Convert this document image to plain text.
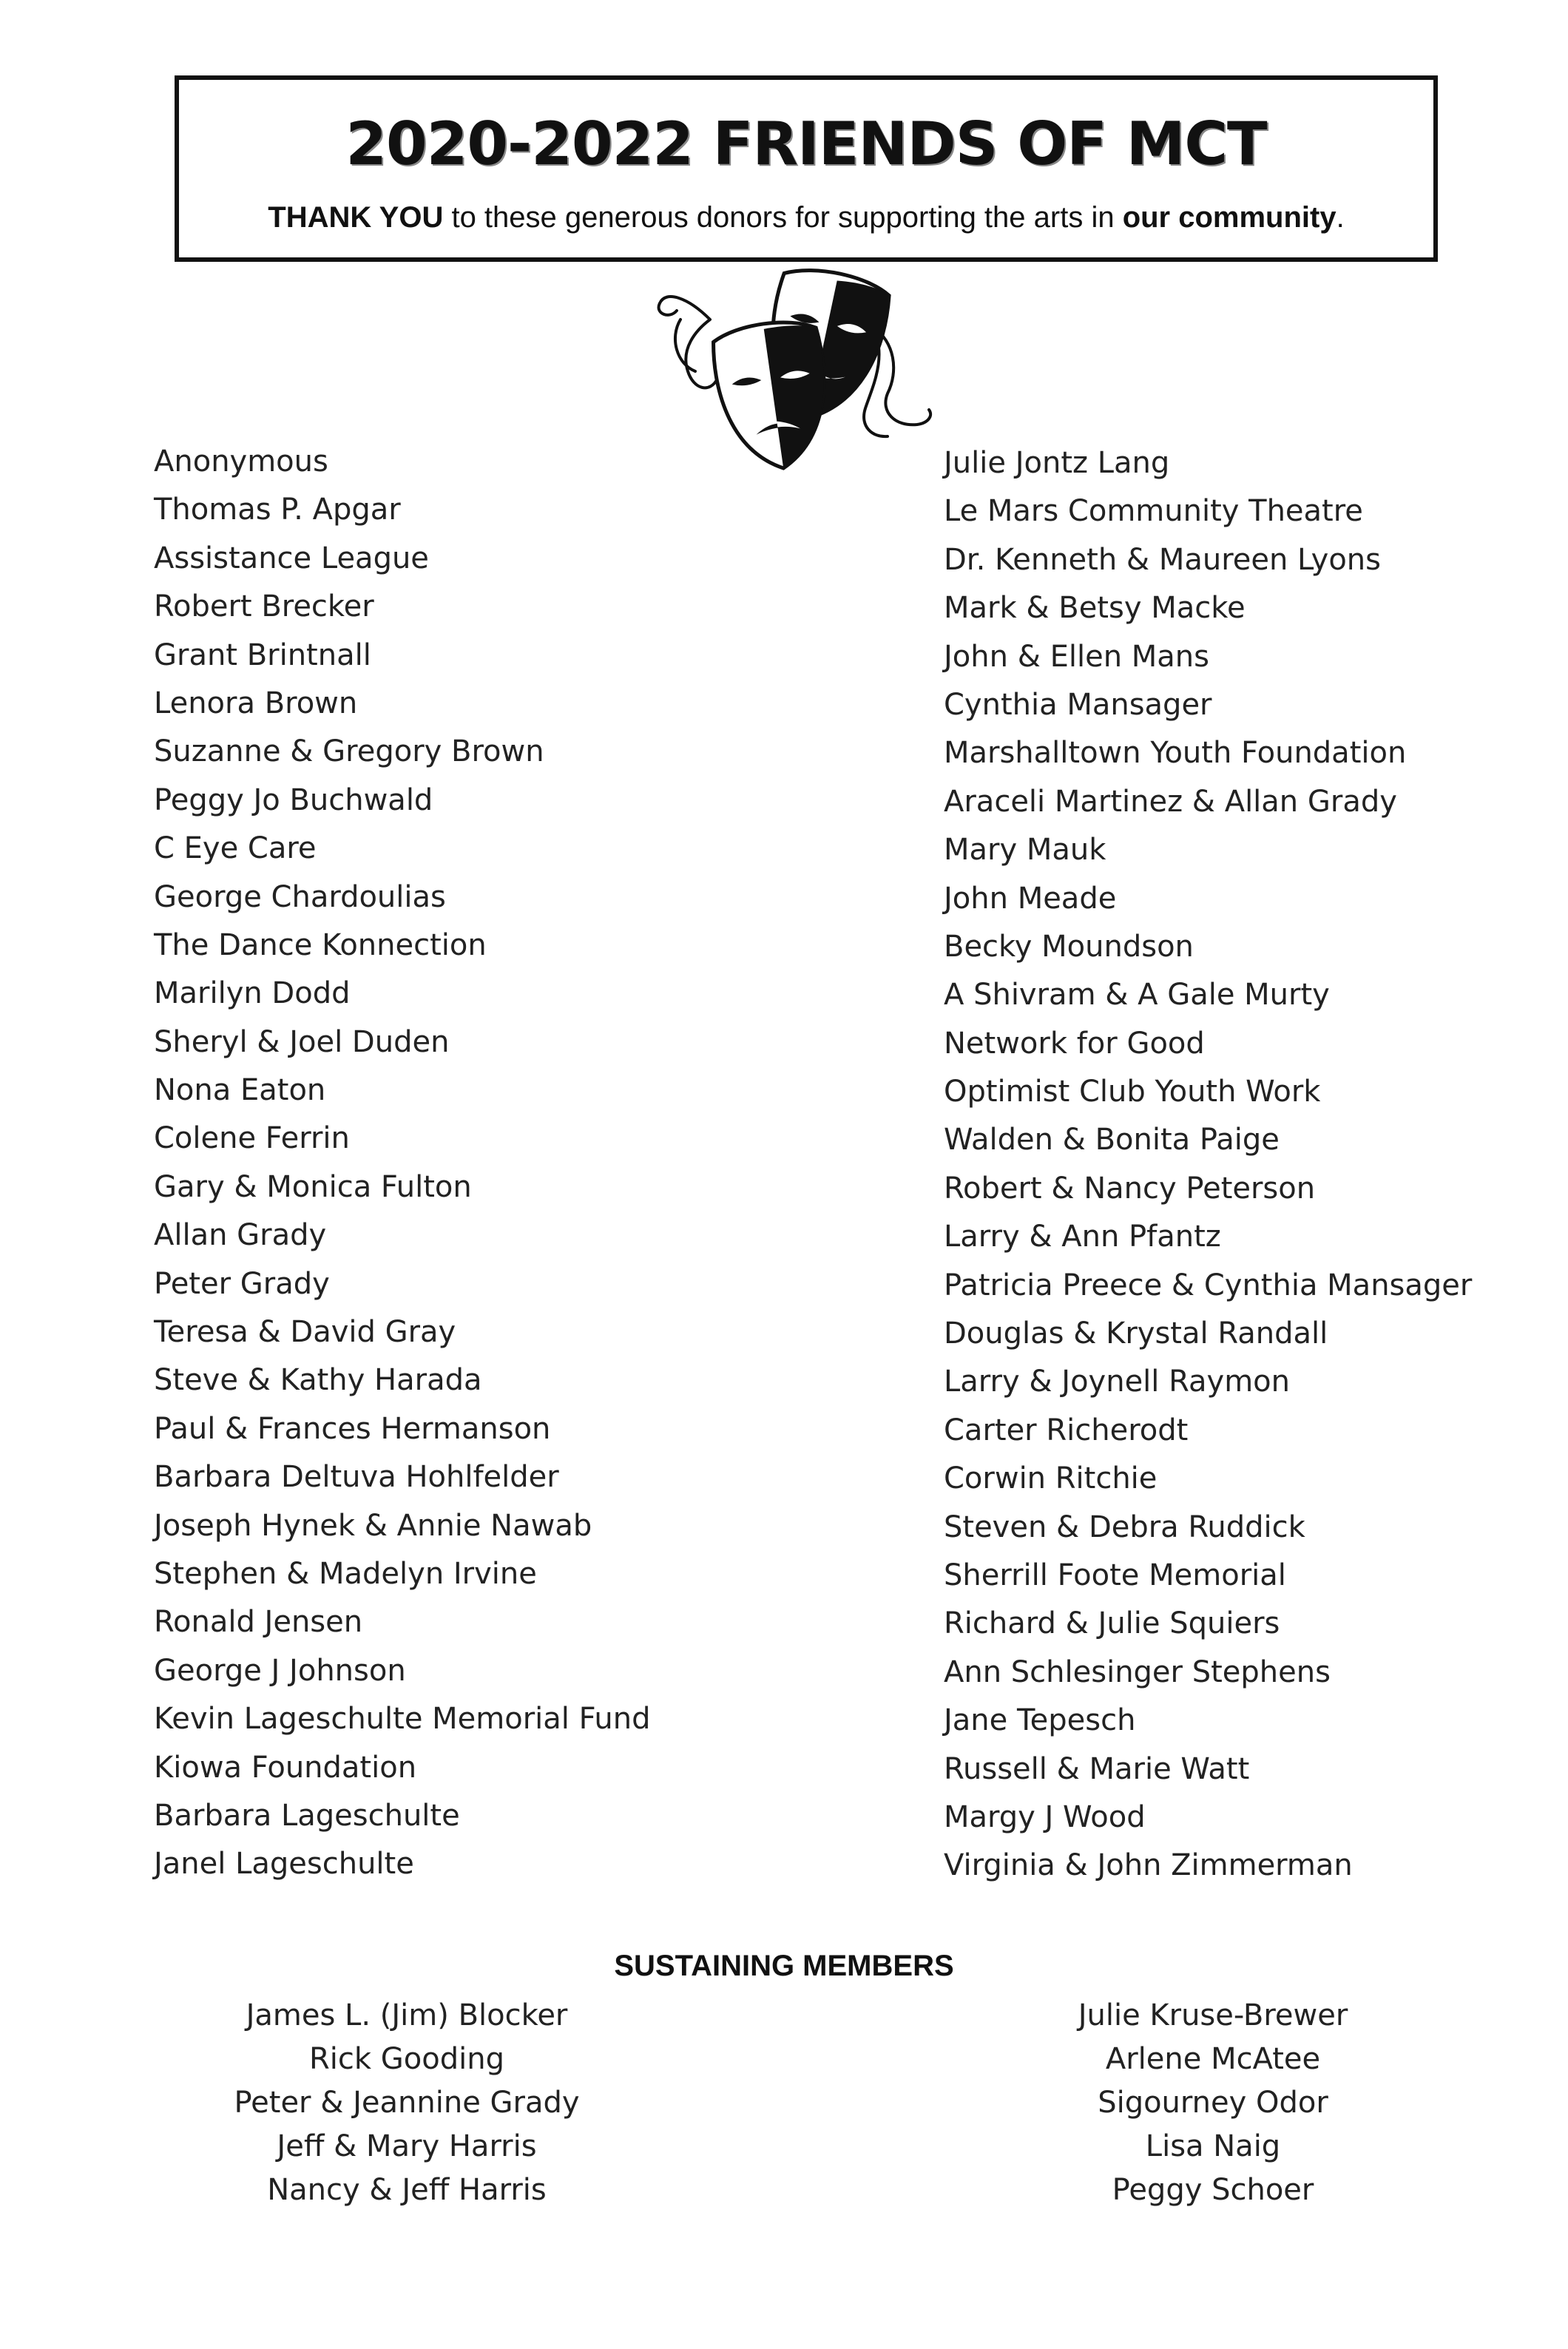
2020-2022 FRIENDS OF MCT
THANK YOU to these generous donors for supporting the arts in our community.
Anonymous
Thomas P. Apgar
Assistance League
Robert Brecker
Grant Brintnall
Lenora Brown
Suzanne & Gregory Brown
Peggy Jo Buchwald
C Eye Care
George Chardoulias
The Dance Konnection
Marilyn Dodd
Sheryl & Joel Duden
Nona Eaton
Colene Ferrin
Gary & Monica Fulton
Allan Grady
Peter Grady
Teresa & David Gray
Steve & Kathy Harada
Paul & Frances Hermanson
Barbara Deltuva Hohlfelder
Joseph Hynek & Annie Nawab
Stephen & Madelyn Irvine
Ronald Jensen
George J Johnson
Kevin Lageschulte Memorial Fund
Kiowa Foundation
Barbara Lageschulte
Janel Lageschulte
Julie Jontz Lang
Le Mars Community Theatre
Dr. Kenneth & Maureen Lyons
Mark & Betsy Macke
John & Ellen Mans
Cynthia Mansager
Marshalltown Youth Foundation
Araceli Martinez & Allan Grady
Mary Mauk
John Meade
Becky Moundson
A Shivram & A Gale Murty
Network for Good
Optimist Club Youth Work
Walden & Bonita Paige
Robert & Nancy Peterson
Larry & Ann Pfantz
Patricia Preece & Cynthia Mansager
Douglas & Krystal Randall
Larry & Joynell Raymon
Carter Richerodt
Corwin Ritchie
Steven & Debra Ruddick
Sherrill Foote Memorial
Richard & Julie Squiers
Ann Schlesinger Stephens
Jane Tepesch
Russell & Marie Watt
Margy J Wood
Virginia & John Zimmerman
SUSTAINING MEMBERS
James L. (Jim) Blocker
Rick Gooding
Peter & Jeannine Grady
Jeff & Mary Harris
Nancy & Jeff Harris
Julie Kruse-Brewer
Arlene McAtee
Sigourney Odor
Lisa Naig
Peggy Schoer
